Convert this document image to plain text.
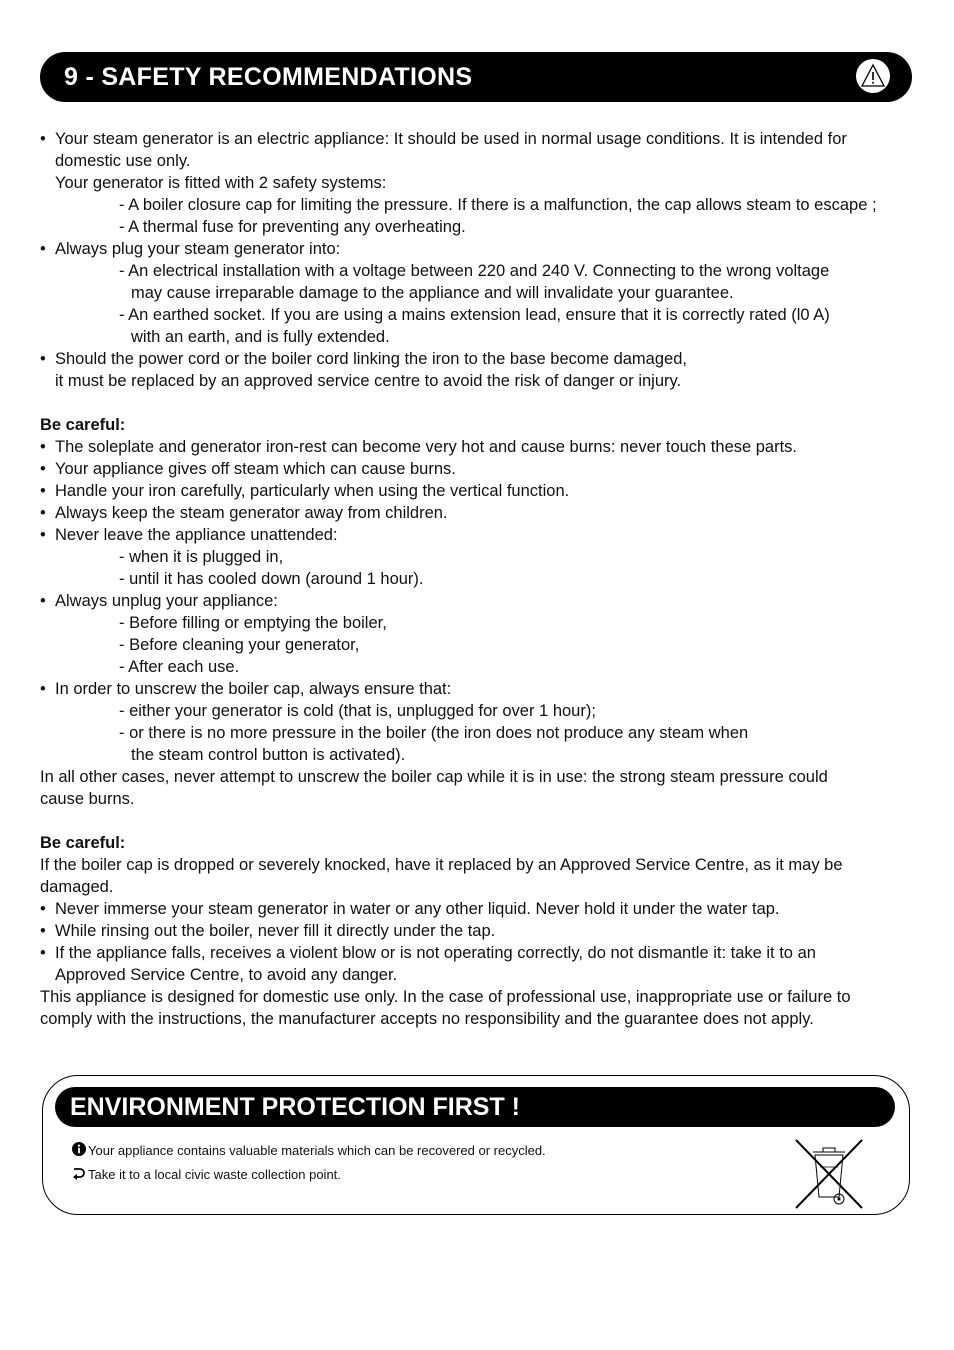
9 - SAFETY RECOMMENDATIONS
• Your steam generator is an electric appliance: It should be used in normal usage conditions. It is intended for
domestic use only.
Your generator is fitted with 2 safety systems:
- A boiler closure cap for limiting the pressure. If there is a malfunction, the cap allows steam to escape ;
- A thermal fuse for preventing any overheating.
• Always plug your steam generator into:
- An electrical installation with a voltage between 220 and 240 V. Connecting to the wrong voltage
may cause irreparable damage to the appliance and will invalidate your guarantee.
- An earthed socket. If you are using a mains extension lead, ensure that it is correctly rated (l0 A)
with an earth, and is fully extended.
• Should the power cord or the boiler cord linking the iron to the base become damaged,
it must be replaced by an approved service centre to avoid the risk of danger or injury.
Be careful:
• The soleplate and generator iron-rest can become very hot and cause burns: never touch these parts.
• Your appliance gives off steam which can cause burns.
• Handle your iron carefully, particularly when using the vertical function.
• Always keep the steam generator away from children.
• Never leave the appliance unattended:
- when it is plugged in,
- until it has cooled down (around 1 hour).
• Always unplug your appliance:
- Before filling or emptying the boiler,
- Before cleaning your generator,
- After each use.
• In order to unscrew the boiler cap, always ensure that:
- either your generator is cold (that is, unplugged for over 1 hour);
- or there is no more pressure in the boiler (the iron does not produce any steam when
the steam control button is activated).
In all other cases, never attempt to unscrew the boiler cap while it is in use: the strong steam pressure could
cause burns.
Be careful:
If the boiler cap is dropped or severely knocked, have it replaced by an Approved Service Centre, as it may be
damaged.
• Never immerse your steam generator in water or any other liquid. Never hold it under the water tap.
• While rinsing out the boiler, never fill it directly under the tap.
• If the appliance falls, receives a violent blow or is not operating correctly, do not dismantle it: take it to an
Approved Service Centre, to avoid any danger.
This appliance is designed for domestic use only. In the case of professional use, inappropriate use or failure to
comply with the instructions, the manufacturer accepts no responsibility and the guarantee does not apply.
ENVIRONMENT PROTECTION FIRST !
Your appliance contains valuable materials which can be recovered or recycled.
Take it to a local civic waste collection point.
